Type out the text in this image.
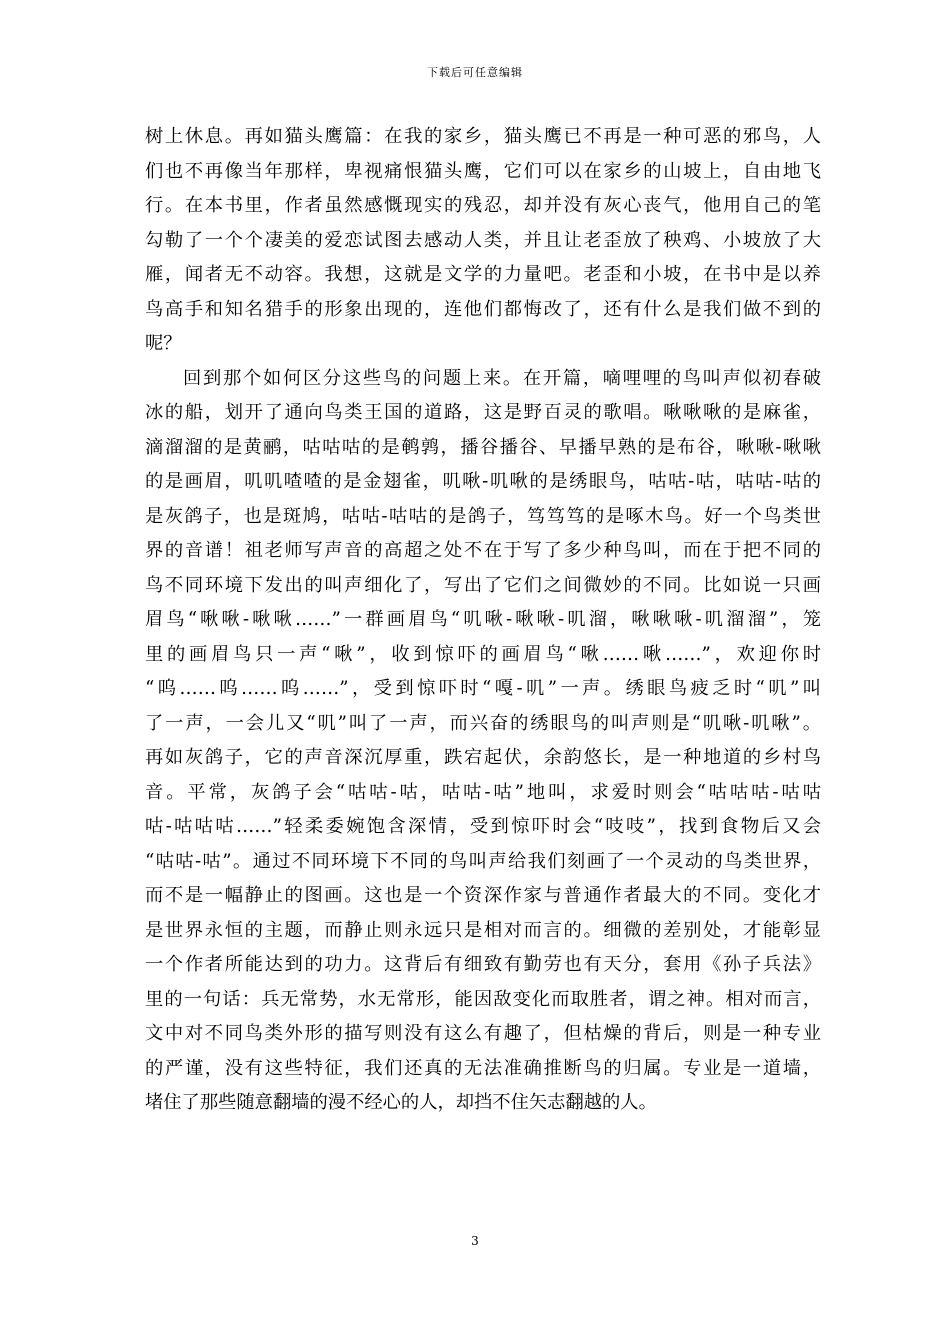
下载后可任意编辑
树上休息。再如猫头鹰篇：在我的家乡，猫头鹰已不再是一种可恶的邪鸟，人
们也不再像当年那样，卑视痛恨猫头鹰，它们可以在家乡的山坡上，自由地飞
行。在本书里，作者虽然感慨现实的残忍，却并没有灰心丧气，他用自己的笔
勾勒了一个个凄美的爱恋试图去感动人类，并且让老歪放了秧鸡、小坡放了大
雁，闻者无不动容。我想，这就是文学的力量吧。老歪和小坡，在书中是以养
鸟高手和知名猎手的形象出现的，连他们都悔改了，还有什么是我们做不到的
呢？
回到那个如何区分这些鸟的问题上来。在开篇，嘀哩哩的鸟叫声似初春破
冰的船，划开了通向鸟类王国的道路，这是野百灵的歌唱。啾啾啾的是麻雀，
滴溜溜的是黄鹂，咕咕咕的是鹌鹑，播谷播谷、早播早熟的是布谷，啾啾-啾啾
的是画眉，叽叽喳喳的是金翅雀，叽啾-叽啾的是绣眼鸟，咕咕-咕，咕咕-咕的
是灰鸽子，也是斑鸠，咕咕-咕咕的是鸽子，笃笃笃的是啄木鸟。好一个鸟类世
界的音谱！祖老师写声音的高超之处不在于写了多少种鸟叫，而在于把不同的
鸟不同环境下发出的叫声细化了，写出了它们之间微妙的不同。比如说一只画
眉鸟“啾啾-啾啾……”一群画眉鸟“叽啾-啾啾-叽溜，啾啾啾-叽溜溜”，笼
里的画眉鸟只一声“啾”，收到惊吓的画眉鸟“啾……啾……”，欢迎你时
“呜……呜……呜……”，受到惊吓时“嘎-叽”一声。绣眼鸟疲乏时“叽”叫
了一声，一会儿又“叽”叫了一声，而兴奋的绣眼鸟的叫声则是“叽啾-叽啾”。
再如灰鸽子，它的声音深沉厚重，跌宕起伏，余韵悠长，是一种地道的乡村鸟
音。平常，灰鸽子会“咕咕-咕，咕咕-咕”地叫，求爱时则会“咕咕咕-咕咕
咕-咕咕咕……”轻柔委婉饱含深情，受到惊吓时会“吱吱”，找到食物后又会
“咕咕-咕”。通过不同环境下不同的鸟叫声给我们刻画了一个灵动的鸟类世界，
而不是一幅静止的图画。这也是一个资深作家与普通作者最大的不同。变化才
是世界永恒的主题，而静止则永远只是相对而言的。细微的差别处，才能彰显
一个作者所能达到的功力。这背后有细致有勤劳也有天分，套用《孙子兵法》
里的一句话：兵无常势，水无常形，能因敌变化而取胜者，谓之神。相对而言，
文中对不同鸟类外形的描写则没有这么有趣了，但枯燥的背后，则是一种专业
的严谨，没有这些特征，我们还真的无法准确推断鸟的归属。专业是一道墙，
堵住了那些随意翻墙的漫不经心的人，却挡不住矢志翻越的人。
3
